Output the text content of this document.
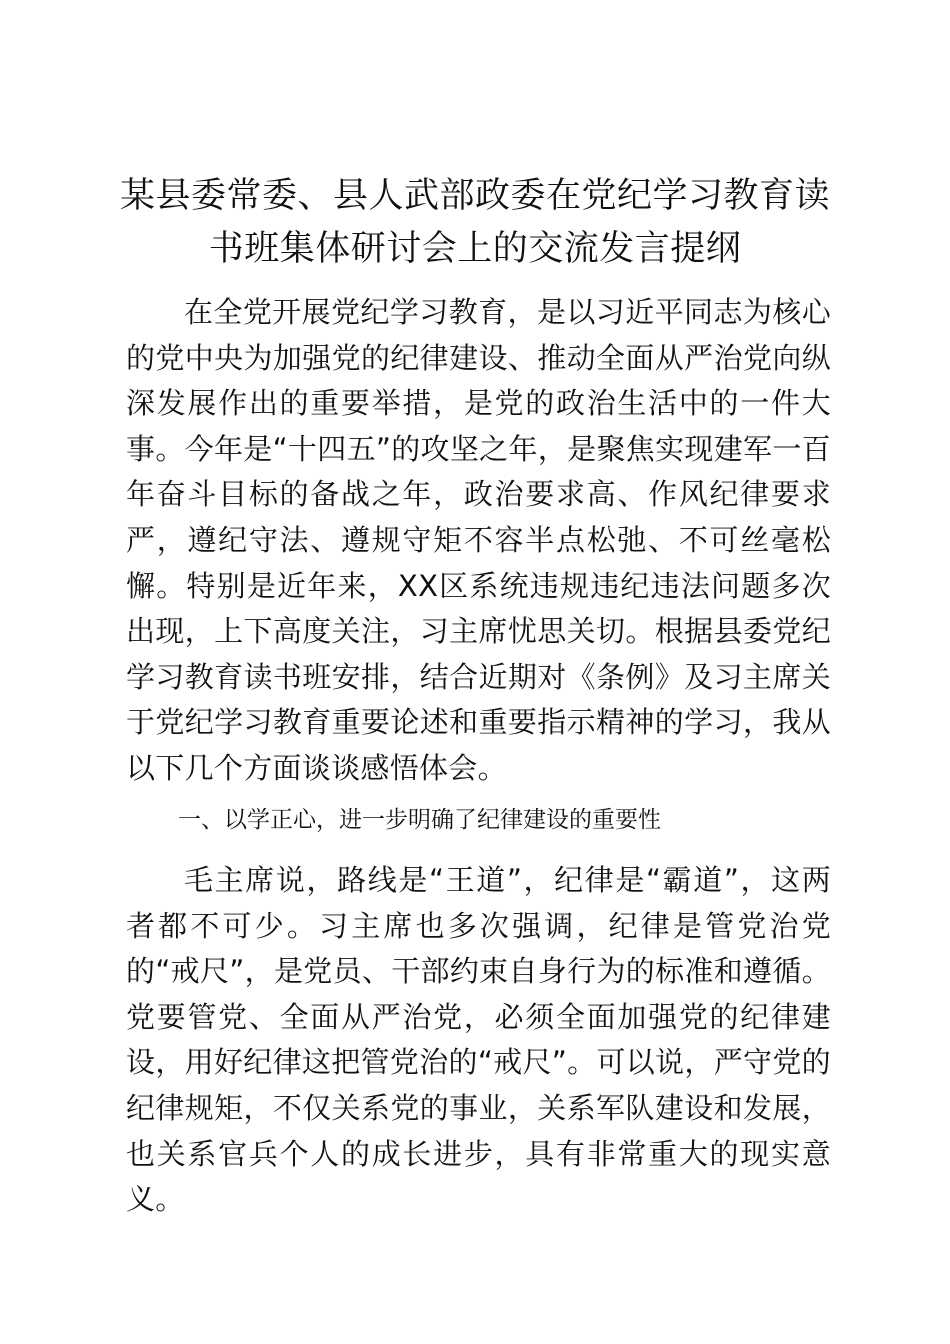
某县委常委、县人武部政委在党纪学习教育读书班集体研讨会上的交流发言提纲

在全党开展党纪学习教育，是以习近平同志为核心的党中央为加强党的纪律建设、推动全面从严治党向纵深发展作出的重要举措，是党的政治生活中的一件大事。今年是“十四五”的攻坚之年，是聚焦实现建军一百年奋斗目标的备战之年，政治要求高、作风纪律要求严，遵纪守法、遵规守矩不容半点松弛、不可丝毫松懈。特别是近年来，XX区系统违规违纪违法问题多次出现，上下高度关注，习主席忧思关切。根据县委党纪学习教育读书班安排，结合近期对《条例》及习主席关于党纪学习教育重要论述和重要指示精神的学习，我从以下几个方面谈谈感悟体会。

一、以学正心，进一步明确了纪律建设的重要性

毛主席说，路线是“王道”，纪律是“霸道”，这两者都不可少。习主席也多次强调，纪律是管党治党的“戒尺”，是党员、干部约束自身行为的标准和遵循。党要管党、全面从严治党，必须全面加强党的纪律建设，用好纪律这把管党治的“戒尺”。可以说，严守党的纪律规矩，不仅关系党的事业，关系军队建设和发展，也关系官兵个人的成长进步，具有非常重大的现实意义。
